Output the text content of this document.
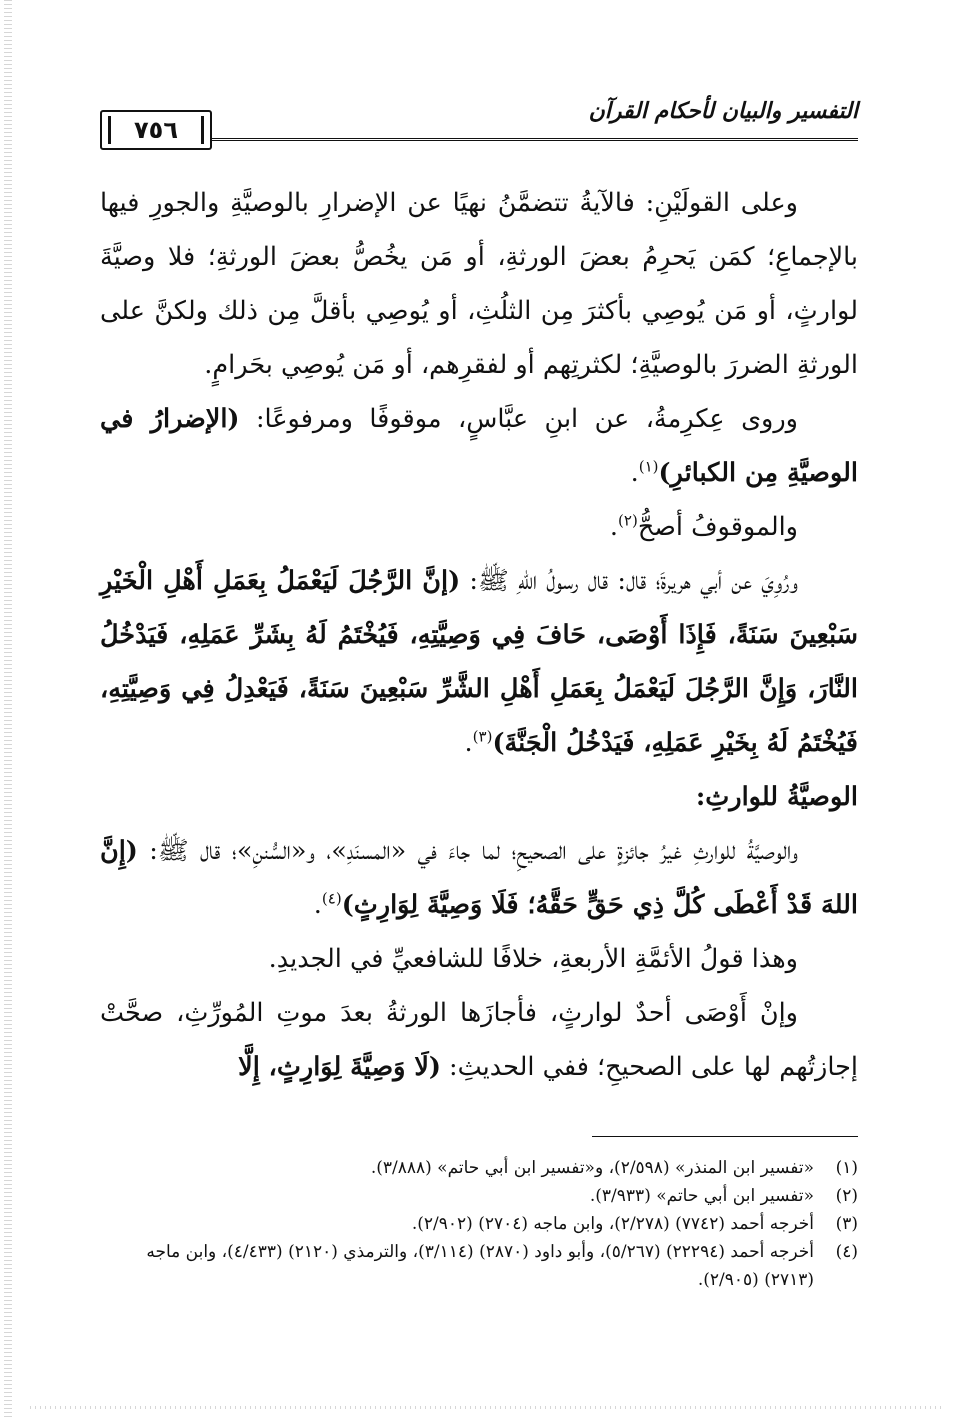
التفسير والبيان لأحكام القرآن
٧٥٦

وعلى القولَيْنِ: فالآيةُ تتضمَّنُ نهيًا عن الإضرارِ بالوصيَّةِ والجورِ فيها بالإجماعِ؛ كمَن يَحرِمُ بعضَ الورثةِ، أو مَن يخُصُّ بعضَ الورثةِ؛ فلا وصيَّةَ لوارثٍ، أو مَن يُوصِي بأكثرَ مِن الثلُثِ، أو يُوصِي بأقلَّ مِن ذلك ولكنَّ على الورثةِ الضررَ بالوصيَّةِ؛ لكثرتِهم أو لفقرِهم، أو مَن يُوصِي بحَرامٍ.

وروى عِكرِمةُ، عن ابنِ عبَّاسٍ، موقوفًا ومرفوعًا: (الإضرارُ في الوصيَّةِ مِن الكبائرِ)$^{(١)}$.

والموقوفُ أصحُّ$^{(٢)}$.

ورُوِيَ عن أبي هريرةَ؛ قال: قال رسولُ اللهِ ﷺ: (إنَّ الرَّجُلَ لَيَعْمَلُ بِعَمَلِ أَهْلِ الْخَيْرِ سَبْعِينَ سَنَةً، فَإِذَا أَوْصَى، حَافَ فِي وَصِيَّتِهِ، فَيُخْتَمُ لَهُ بِشَرِّ عَمَلِهِ، فَيَدْخُلُ النَّارَ، وَإِنَّ الرَّجُلَ لَيَعْمَلُ بِعَمَلِ أَهْلِ الشَّرِّ سَبْعِينَ سَنَةً، فَيَعْدِلُ فِي وَصِيَّتِهِ، فَيُخْتَمُ لَهُ بِخَيْرِ عَمَلِهِ، فَيَدْخُلُ الْجَنَّةَ)$^{(٣)}$.

الوصيَّةُ للوارثِ:

والوصيَّةُ للوارثِ غيرُ جائزةٍ على الصحيحِ؛ لما جاءَ في «المسنَدِ»، و«السُّننِ»؛ قال ﷺ: (إِنَّ اللهَ قَدْ أَعْطَى كُلَّ ذِي حَقٍّ حَقَّهُ؛ فَلَا وَصِيَّةَ لِوَارِثٍ)$^{(٤)}$.

وهذا قولُ الأئمَّةِ الأربعةِ، خلافًا للشافعيِّ في الجديدِ.

وإنْ أَوْصَى أحدٌ لوارثٍ، فأجازَها الورثةُ بعدَ موتِ المُورِّثِ، صحَّتْ إجازتُهم لها على الصحيحِ؛ ففي الحديثِ: (لَا وَصِيَّةَ لِوَارِثٍ، إِلَّا

(١)
«تفسير ابن المنذر» (٢/٥٩٨)، و«تفسير ابن أبي حاتم» (٣/٨٨٨).

(٢)
«تفسير ابن أبي حاتم» (٣/٩٣٣).

(٣)
أخرجه أحمد (٧٧٤٢) (٢/٢٧٨)، وابن ماجه (٢٧٠٤) (٢/٩٠٢).

(٤)
أخرجه أحمد (٢٢٢٩٤) (٥/٢٦٧)، وأبو داود (٢٨٧٠) (٣/١١٤)، والترمذي (٢١٢٠) (٤/٤٣٣)، وابن ماجه (٢٧١٣) (٢/٩٠٥).
